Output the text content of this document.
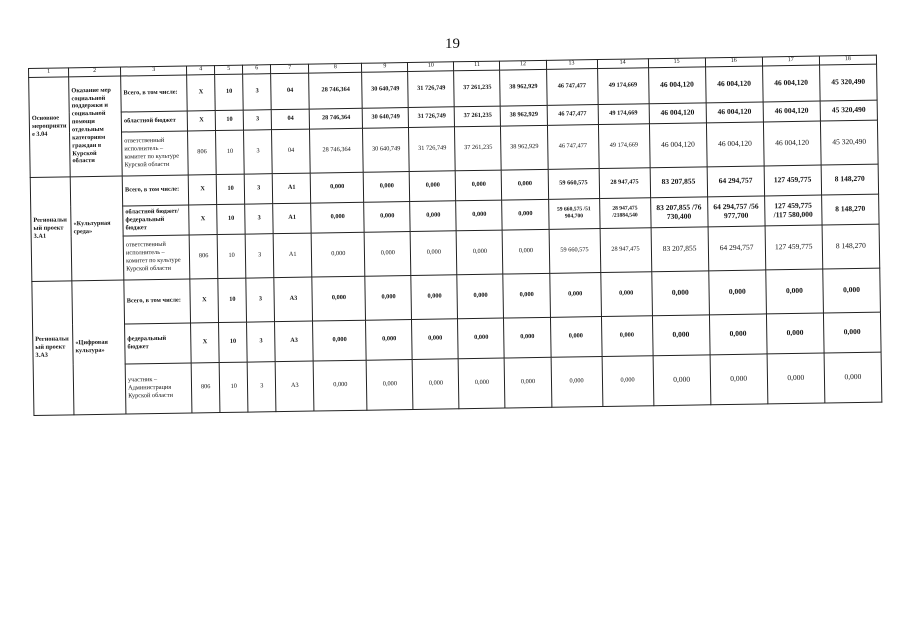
19
1	2	3	4	5	6	7	8	9	10	11	12	13	14	15	16	17	18
Основное мероприятие 3.04	Оказание мер социальной поддержки и социальной помощи отдельным категориям граждан в Курской области	Всего, в том числе:	Х	10	3	04	28 746,364	30 640,749	31 726,749	37 261,235	38 962,929	46 747,477	49 174,669	46 004,120	46 004,120	46 004,120	45 320,490
		областной бюджет	Х	10	3	04	28 746,364	30 640,749	31 726,749	37 261,235	38 962,929	46 747,477	49 174,669	46 004,120	46 004,120	46 004,120	45 320,490
		ответственный исполнитель – комитет по культуре Курской области	806	10	3	04	28 746,364	30 640,749	31 726,749	37 261,235	38 962,929	46 747,477	49 174,669	46 004,120	46 004,120	46 004,120	45 320,490
Региональный проект 3.А1	«Культурная среда»	Всего, в том числе:	Х	10	3	А1	0,000	0,000	0,000	0,000	0,000	59 660,575	28 947,475	83 207,855	64 294,757	127 459,775	8 148,270
		областной бюджет/ федеральный бюджет	Х	10	3	А1	0,000	0,000	0,000	0,000	0,000	59 660,575 /51 904,700	28 947,475 /21884,540	83 207,855 /76 730,400	64 294,757 /56 977,700	127 459,775 /117 580,000	8 148,270
		ответственный исполнитель – комитет по культуре Курской области	806	10	3	А1	0,000	0,000	0,000	0,000	0,000	59 660,575	28 947,475	83 207,855	64 294,757	127 459,775	8 148,270
Региональный проект 3.А3	«Цифровая культура»	Всего, в том числе:	Х	10	3	А3	0,000	0,000	0,000	0,000	0,000	0,000	0,000	0,000	0,000	0,000	0,000
		федеральный бюджет	Х	10	3	А3	0,000	0,000	0,000	0,000	0,000	0,000	0,000	0,000	0,000	0,000	0,000
		участник – Администрация Курской области	806	10	3	А3	0,000	0,000	0,000	0,000	0,000	0,000	0,000	0,000	0,000	0,000	0,000
